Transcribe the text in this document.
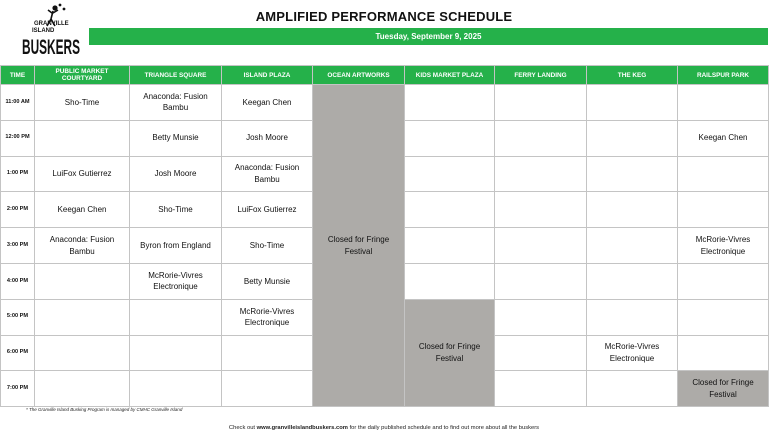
GRANVILLE
ISLAND
BUSKERS
AMPLIFIED PERFORMANCE SCHEDULE
Tuesday, September 9, 2025
TIME	PUBLIC MARKET COURTYARD	TRIANGLE SQUARE	ISLAND PLAZA	OCEAN ARTWORKS	KIDS MARKET PLAZA	FERRY LANDING	THE KEG	RAILSPUR PARK
11:00 AM	Sho-Time	Anaconda: Fusion Bambu	Keegan Chen	Closed for Fringe Festival				
12:00 PM		Betty Munsie	Josh Moore					Keegan Chen
1:00 PM	LuiFox Gutierrez	Josh Moore	Anaconda: Fusion Bambu					
2:00 PM	Keegan Chen	Sho-Time	LuiFox Gutierrez					
3:00 PM	Anaconda: Fusion Bambu	Byron from England	Sho-Time					McRorie-Vivres Electronique
4:00 PM		McRorie-Vivres Electronique	Betty Munsie					
5:00 PM			McRorie-Vivres Electronique		Closed for Fringe Festival			
6:00 PM							McRorie-Vivres Electronique	
7:00 PM								Closed for Fringe Festival
* The Granville Island Busking Program is managed by CMHC Granville Island
Check out www.granvilleislandbuskers.com for the daily published schedule and to find out more about all the buskers
